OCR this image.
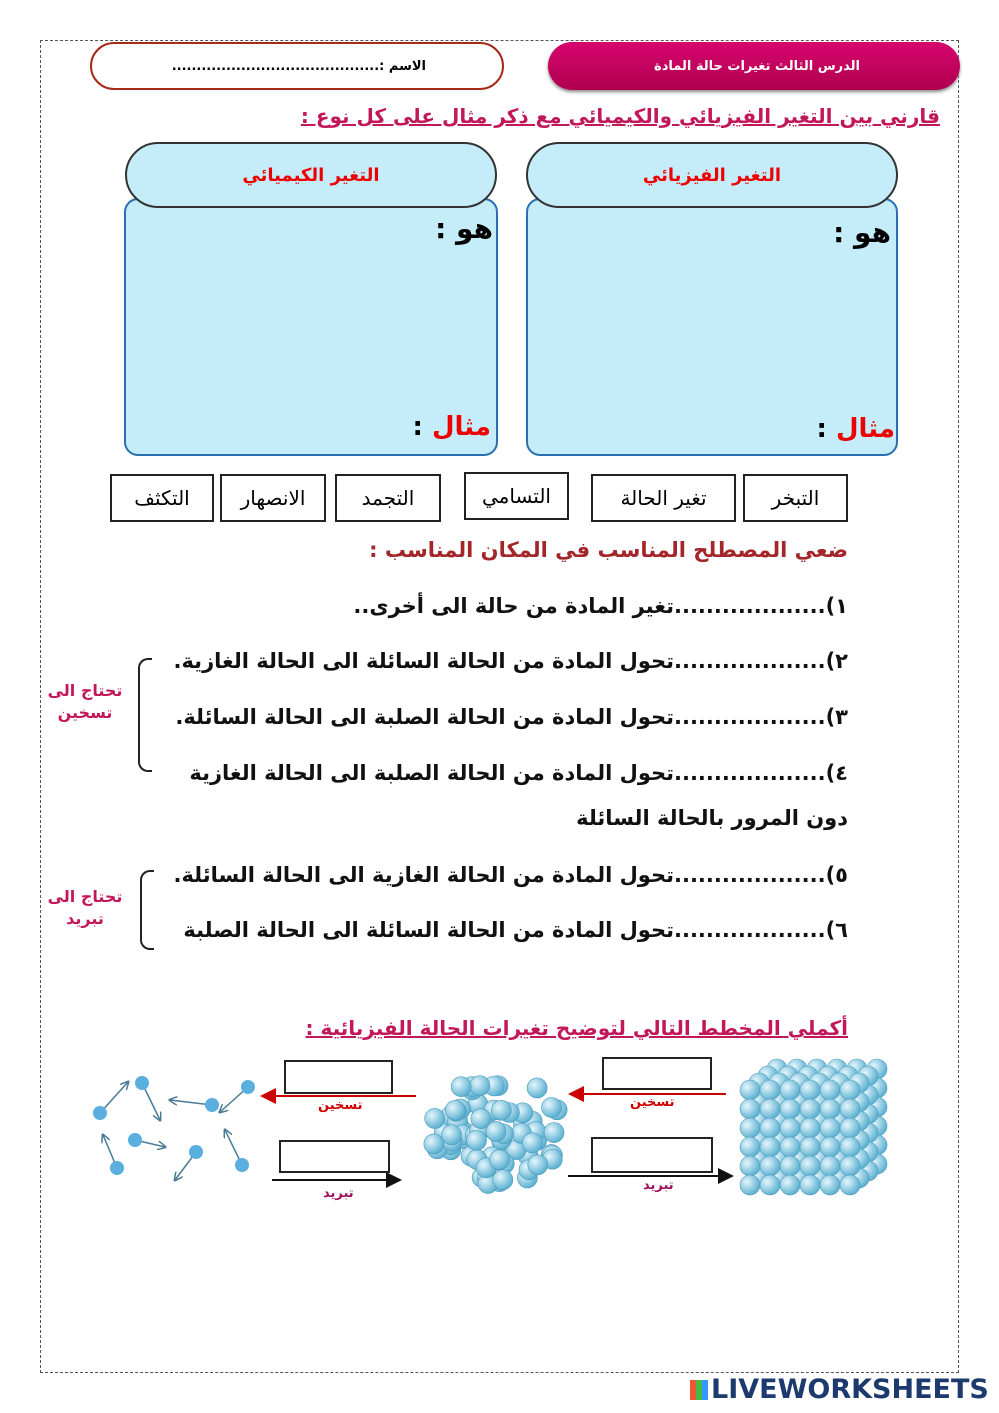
الدرس الثالث تغيرات حالة المادة
الاسم :..........................................
قارني بين التغير الفيزيائي والكيميائي مع ذكر مثال على كل نوع :
التغير الفيزيائي
هو :
مثال :
التغير الكيميائي
هو :
مثال :
التبخر
تغير الحالة
التسامي
التجمد
الانصهار
التكثف
ضعي المصطلح المناسب في المكان المناسب :
١)...................تغير المادة من حالة الى أخرى..
٢)...................تحول المادة من الحالة السائلة الى الحالة الغازية.
٣)...................تحول المادة من الحالة الصلبة الى الحالة السائلة.
٤)...................تحول المادة من الحالة الصلبة الى الحالة الغازية
دون المرور بالحالة السائلة
٥)...................تحول المادة من الحالة الغازية الى الحالة السائلة.
٦)...................تحول المادة من الحالة السائلة الى الحالة الصلبة
تحتاج الى
تسخين
تحتاج الى
تبريد
أكملي المخطط التالي لتوضيح تغيرات الحالة الفيزيائية :
تسخين	تسخين
تبريد
تبريد
LIVEWORKSHEETS
